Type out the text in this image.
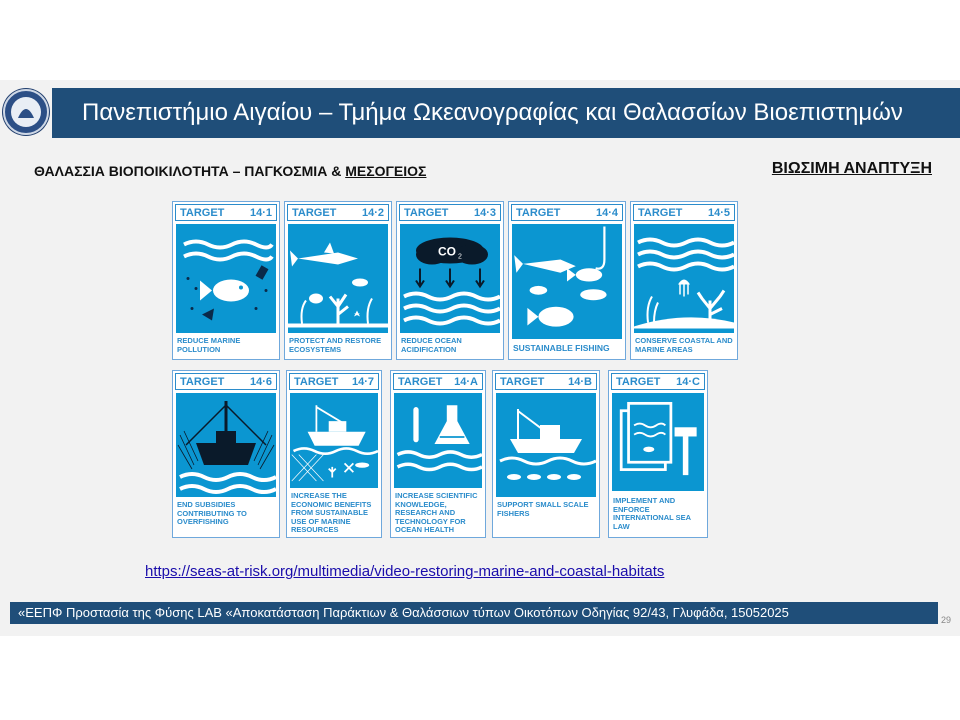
Πανεπιστήμιο Αιγαίου – Τμήμα Ωκεανογραφίας και Θαλασσίων Βιοεπιστημών
ΘΑΛΑΣΣΙΑ ΒΙΟΠΟΙΚΙΛΟΤΗΤΑ – ΠΑΓΚΟΣΜΙΑ & ΜΕΣΟΓΕΙΟΣ	ΒΙΩΣΙΜΗ ΑΝΑΠΤΥΞΗ
TARGET 14·1
REDUCE MARINE POLLUTION
TARGET 14·2
PROTECT AND RESTORE ECOSYSTEMS
TARGET 14·3
CO 2
REDUCE OCEAN ACIDIFICATION
TARGET	14·4
SUSTAINABLE FISHING
TARGET 14·5
CONSERVE COASTAL AND MARINE AREAS
TARGET 14·6
END SUBSIDIES CONTRIBUTING TO OVERFISHING
TARGET 14·7
INCREASE THE ECONOMIC BENEFITS FROM SUSTAINABLE USE OF MARINE RESOURCES
TARGET 14·A
INCREASE SCIENTIFIC KNOWLEDGE, RESEARCH AND TECHNOLOGY FOR OCEAN HEALTH
TARGET 14·B
SUPPORT SMALL SCALE FISHERS
TARGET 14·C
IMPLEMENT AND ENFORCE INTERNATIONAL SEA LAW
https://seas-at-risk.org/multimedia/video-restoring-marine-and-coastal-habitats
«ΕΕΠΦ Προστασία της Φύσης LAB «Αποκατάσταση Παράκτιων & Θαλάσσιων τύπων Οικοτόπων Οδηγίας 92/43, Γλυφάδα, 15052025	29
